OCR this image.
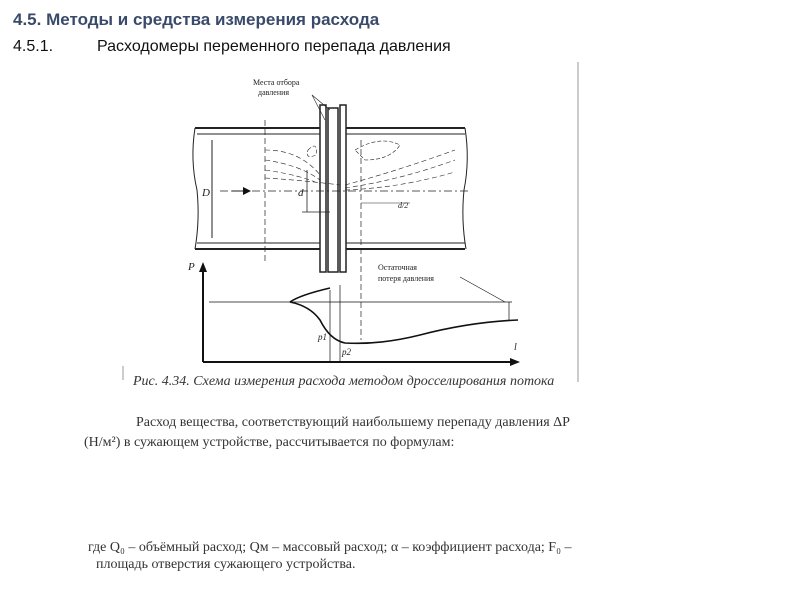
4.5. Методы и средства измерения расхода
4.5.1.	Расходомеры переменного перепада давления
Места отбора
давления
D	d
d/2
P
p1
p2	l
Остаточная
потеря давления
Рис. 4.34. Схема измерения расхода методом дросселирования потока
Расход вещества, соответствующий наибольшему перепаду давления ΔP
(Н/м²) в сужающем устройстве, рассчитывается по формулам:
где Q₀ – объёмный расход; Qм – массовый расход; α – коэффициент расхода; F₀ –
площадь отверстия сужающего устройства.
